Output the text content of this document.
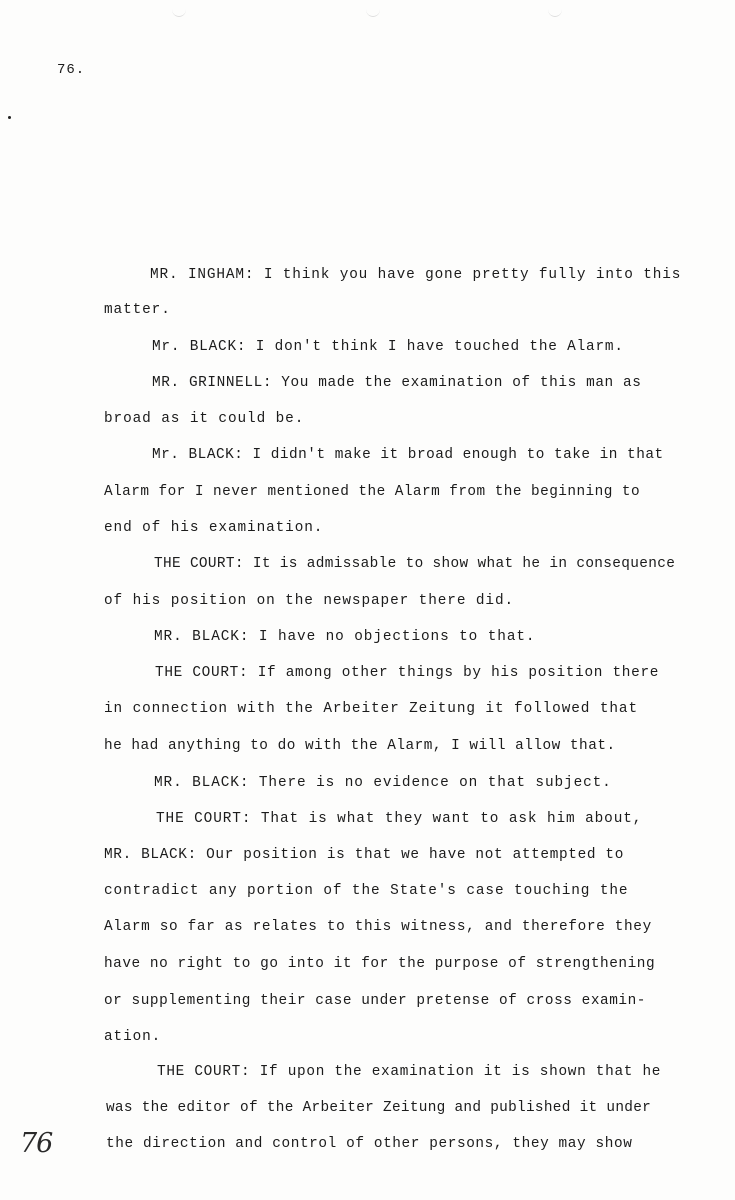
76.
MR. INGHAM: I think you have gone pretty fully into this
matter.
Mr. BLACK: I don't think I have touched the Alarm.
MR. GRINNELL: You made the examination of this man as
broad as it could be.
Mr. BLACK: I didn't make it broad enough to take in that
Alarm for I never mentioned the Alarm from the beginning to
end of his examination.
THE COURT: It is admissable to show what he in consequence
of his position on the newspaper there did.
MR. BLACK: I have no objections to that.
THE COURT: If among other things by his position there
in connection with the Arbeiter Zeitung it followed that
he had anything to do with the Alarm, I will allow that.
MR. BLACK: There is no evidence on that subject.
THE COURT: That is what they want to ask him about,
MR. BLACK: Our position is that we have not attempted to
contradict any portion of the State's case touching the
Alarm so far as relates to this witness, and therefore they
have no right to go into it for the purpose of strengthening
or supplementing their case under pretense of cross examin-
ation.
THE COURT: If upon the examination it is shown that he
was the editor of the Arbeiter Zeitung and published it under
the direction and control of other persons, they may show
76
